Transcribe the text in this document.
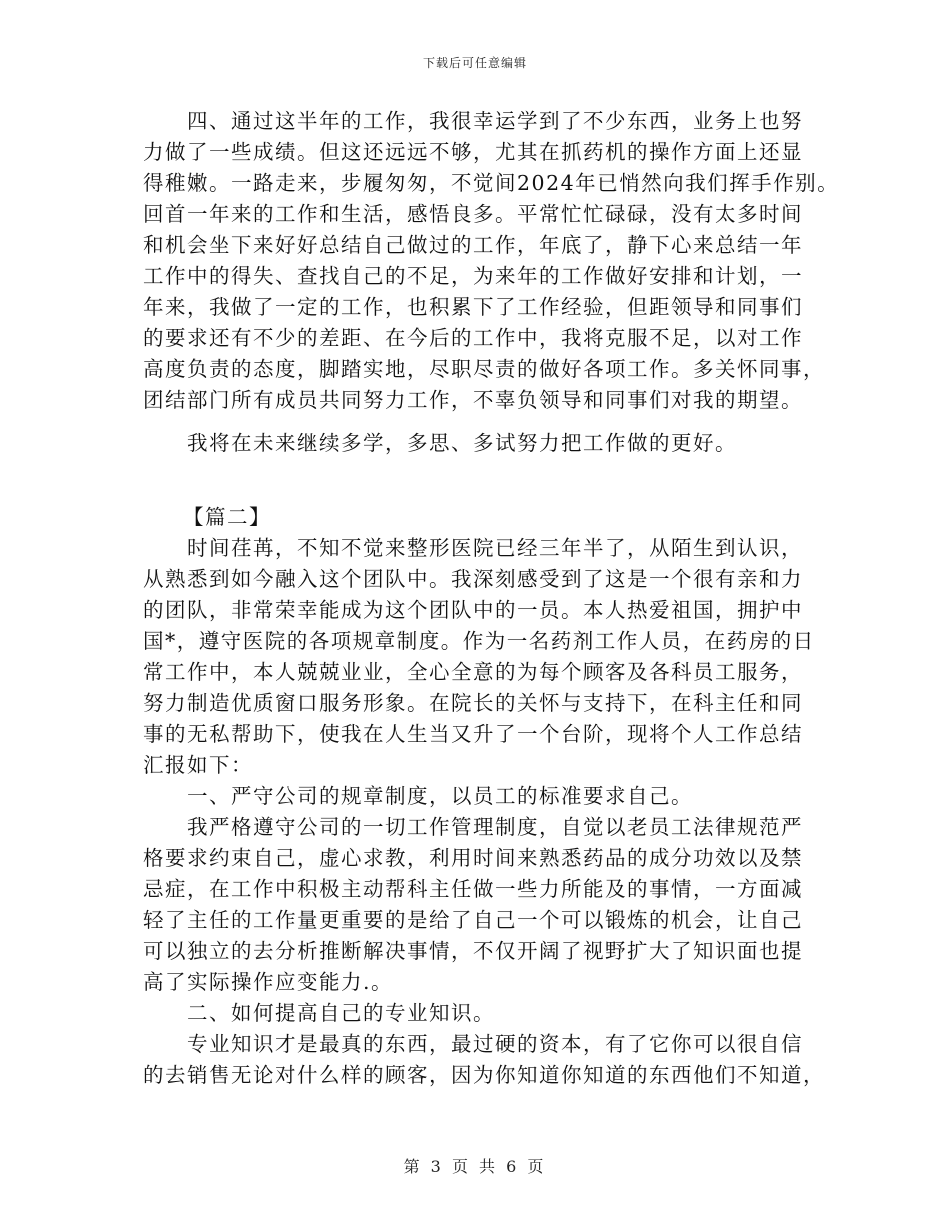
下载后可任意编辑
四、通过这半年的工作，我很幸运学到了不少东西，业务上也努
力做了一些成绩。但这还远远不够，尤其在抓药机的操作方面上还显
得稚嫩。一路走来，步履匆匆，不觉间2024年已悄然向我们挥手作别。
回首一年来的工作和生活，感悟良多。平常忙忙碌碌，没有太多时间
和机会坐下来好好总结自己做过的工作，年底了，静下心来总结一年
工作中的得失、查找自己的不足，为来年的工作做好安排和计划，一
年来，我做了一定的工作，也积累下了工作经验，但距领导和同事们
的要求还有不少的差距、在今后的工作中，我将克服不足，以对工作
高度负责的态度，脚踏实地，尽职尽责的做好各项工作。多关怀同事，
团结部门所有成员共同努力工作，不辜负领导和同事们对我的期望。
我将在未来继续多学，多思、多试努力把工作做的更好。
【篇二】
时间荏苒，不知不觉来整形医院已经三年半了，从陌生到认识，
从熟悉到如今融入这个团队中。我深刻感受到了这是一个很有亲和力
的团队，非常荣幸能成为这个团队中的一员。本人热爱祖国，拥护中
国*，遵守医院的各项规章制度。作为一名药剂工作人员，在药房的日
常工作中，本人兢兢业业，全心全意的为每个顾客及各科员工服务，
努力制造优质窗口服务形象。在院长的关怀与支持下，在科主任和同
事的无私帮助下，使我在人生当又升了一个台阶，现将个人工作总结
汇报如下：
一、严守公司的规章制度，以员工的标准要求自己。
我严格遵守公司的一切工作管理制度，自觉以老员工法律规范严
格要求约束自己，虚心求教，利用时间来熟悉药品的成分功效以及禁
忌症，在工作中积极主动帮科主任做一些力所能及的事情，一方面减
轻了主任的工作量更重要的是给了自己一个可以锻炼的机会，让自己
可以独立的去分析推断解决事情，不仅开阔了视野扩大了知识面也提
高了实际操作应变能力.。
二、如何提高自己的专业知识。
专业知识才是最真的东西，最过硬的资本，有了它你可以很自信
的去销售无论对什么样的顾客，因为你知道你知道的东西他们不知道，
第 3 页 共 6 页
